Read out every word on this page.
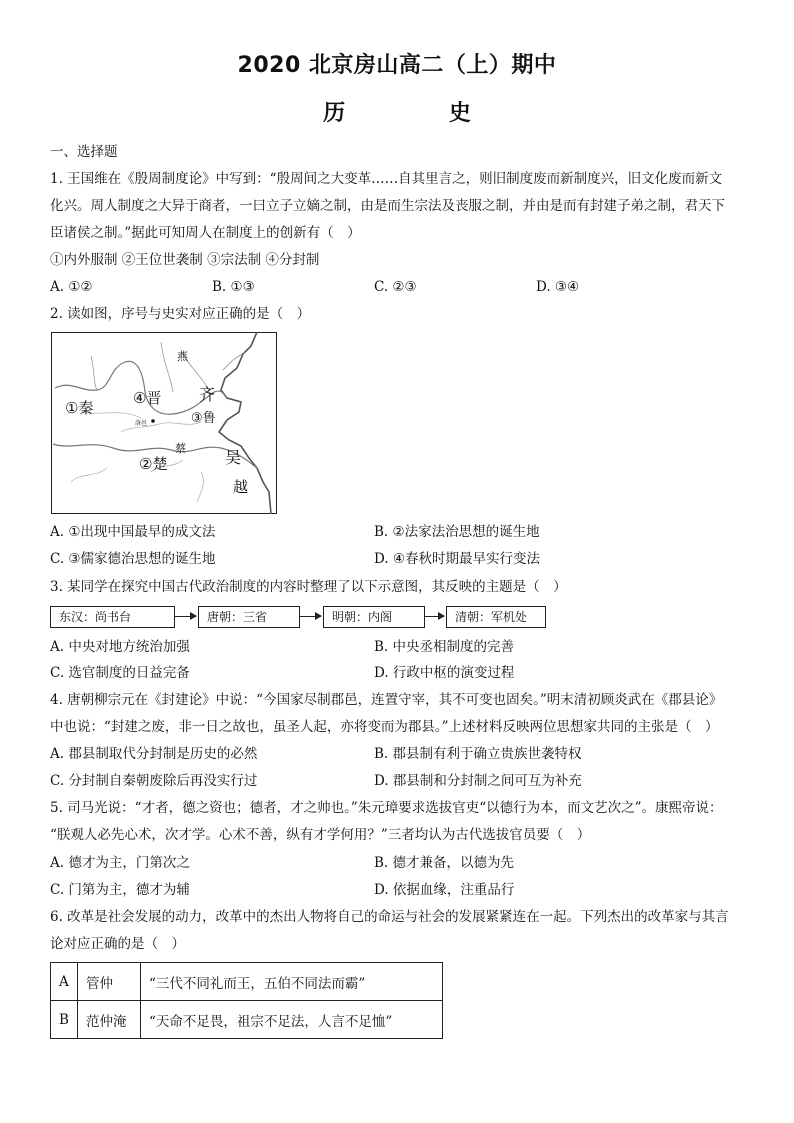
2020 北京房山高二（上）期中
历 史
一、选择题
1. 王国维在《殷周制度论》中写到：“殷周间之大变革……自其里言之，则旧制度废而新制度兴，旧文化废而新文
化兴。周人制度之大异于商者，一曰立子立嫡之制，由是而生宗法及丧服之制，并由是而有封建子弟之制，君天下
臣诸侯之制。”据此可知周人在制度上的创新有（　）
①内外服制 ②王位世袭制 ③宗法制 ④分封制
A. ①②	B. ①③	C. ②③	D. ③④
2. 读如图，序号与史实对应正确的是（　）
燕
④晋 齐
①秦
③鲁
洛邑
蔡
②楚	吴
越
A. ①出现中国最早的成文法	B. ②法家法治思想的诞生地
C. ③儒家德治思想的诞生地	D. ④春秋时期最早实行变法
3. 某同学在探究中国古代政治制度的内容时整理了以下示意图，其反映的主题是（　）
东汉：尚书台	唐朝：三省	明朝：内阁	清朝：军机处
A. 中央对地方统治加强	B. 中央丞相制度的完善
C. 选官制度的日益完备	D. 行政中枢的演变过程
4. 唐朝柳宗元在《封建论》中说：“今国家尽制郡邑，连置守宰，其不可变也固矣。”明末清初顾炎武在《郡县论》
中也说：“封建之废，非一日之故也，虽圣人起，亦将变而为郡县。”上述材料反映两位思想家共同的主张是（　）
A. 郡县制取代分封制是历史的必然	B. 郡县制有利于确立贵族世袭特权
C. 分封制自秦朝废除后再没实行过	D. 郡县制和分封制之间可互为补充
5. 司马光说：“才者，德之资也；德者，才之帅也。”朱元璋要求选拔官吏“以德行为本，而文艺次之”。康熙帝说：
“朕观人必先心术，次才学。心术不善，纵有才学何用？”三者均认为古代选拔官员要（　）
A. 德才为主，门第次之	B. 德才兼备，以德为先
C. 门第为主，德才为辅	D. 依据血缘，注重品行
6. 改革是社会发展的动力，改革中的杰出人物将自己的命运与社会的发展紧紧连在一起。下列杰出的改革家与其言
论对应正确的是（　）
A	管仲	“三代不同礼而王，五伯不同法而霸”
B	范仲淹	“天命不足畏，祖宗不足法，人言不足恤”
